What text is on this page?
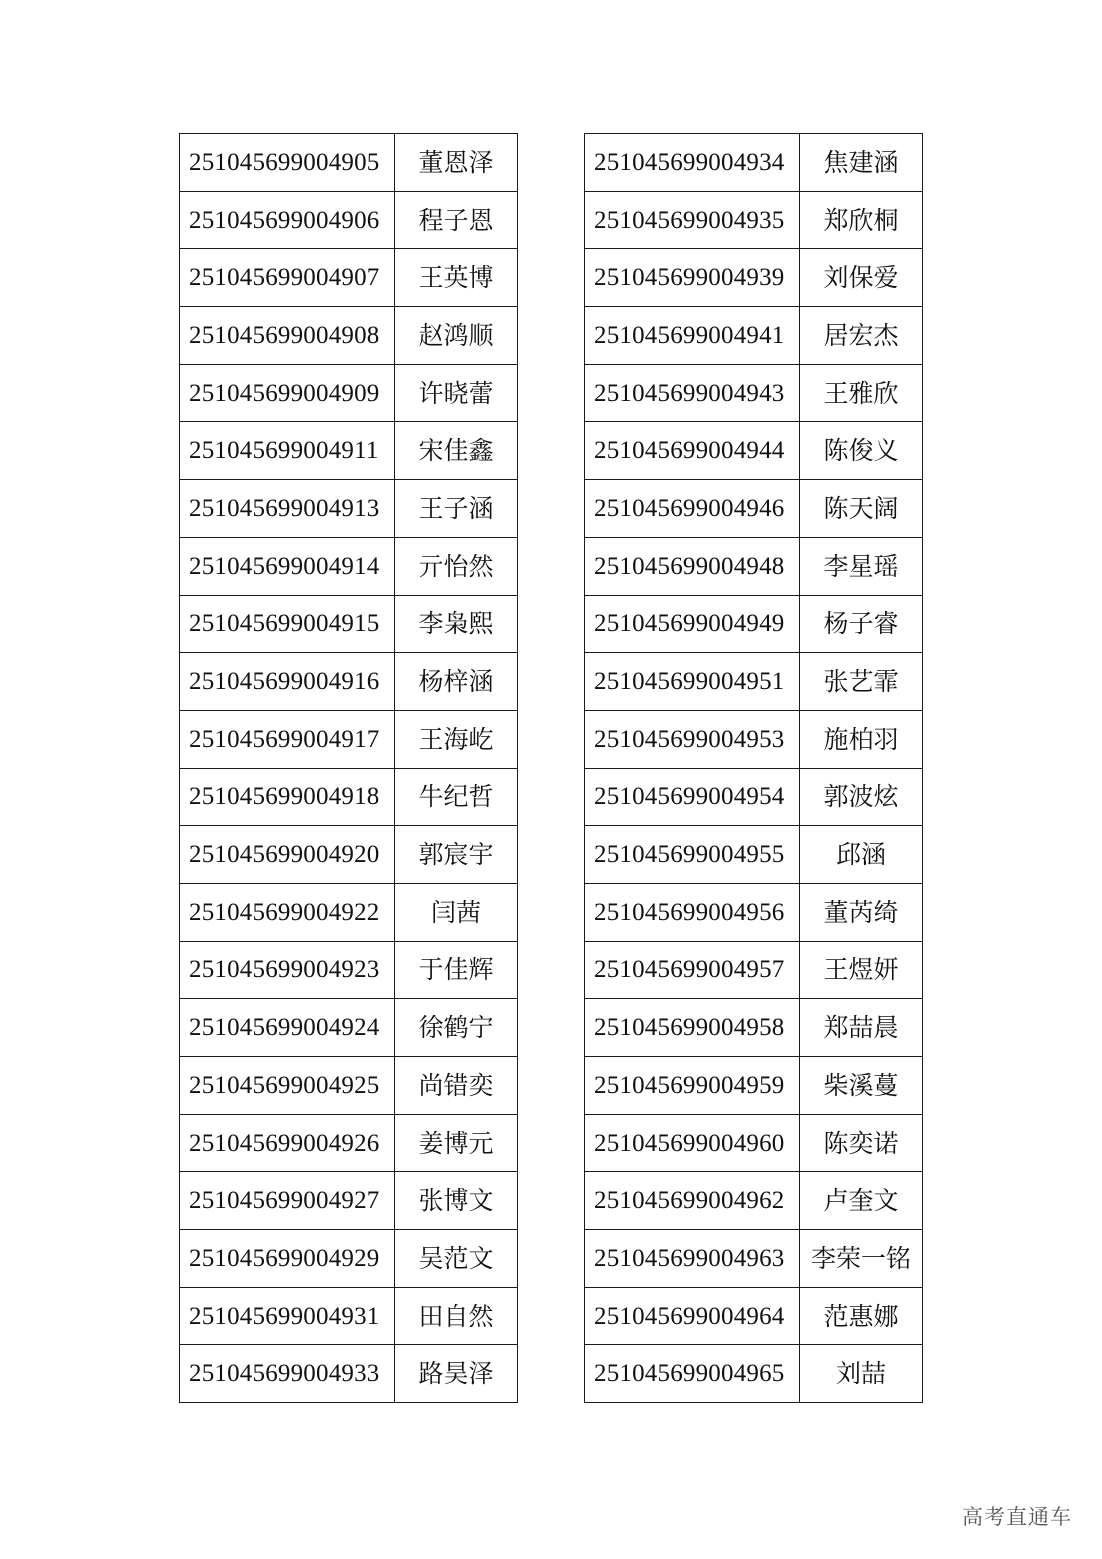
251045699004905	董恩泽
251045699004906	程子恩
251045699004907	王英博
251045699004908	赵鸿顺
251045699004909	许晓蕾
251045699004911	宋佳鑫
251045699004913	王子涵
251045699004914	亓怡然
251045699004915	李枭熙
251045699004916	杨梓涵
251045699004917	王海屹
251045699004918	牛纪哲
251045699004920	郭宸宇
251045699004922	闫茜
251045699004923	于佳辉
251045699004924	徐鹤宁
251045699004925	尚错奕
251045699004926	姜博元
251045699004927	张博文
251045699004929	吴范文
251045699004931	田自然
251045699004933	路昊泽
251045699004934	焦建涵
251045699004935	郑欣桐
251045699004939	刘保爱
251045699004941	居宏杰
251045699004943	王雅欣
251045699004944	陈俊义
251045699004946	陈天阔
251045699004948	李星瑶
251045699004949	杨子睿
251045699004951	张艺霏
251045699004953	施柏羽
251045699004954	郭波炫
251045699004955	邱涵
251045699004956	董芮绮
251045699004957	王煜妍
251045699004958	郑喆晨
251045699004959	柴溪蔓
251045699004960	陈奕诺
251045699004962	卢奎文
251045699004963	李荣一铭
251045699004964	范惠娜
251045699004965	刘喆
高考直通车
